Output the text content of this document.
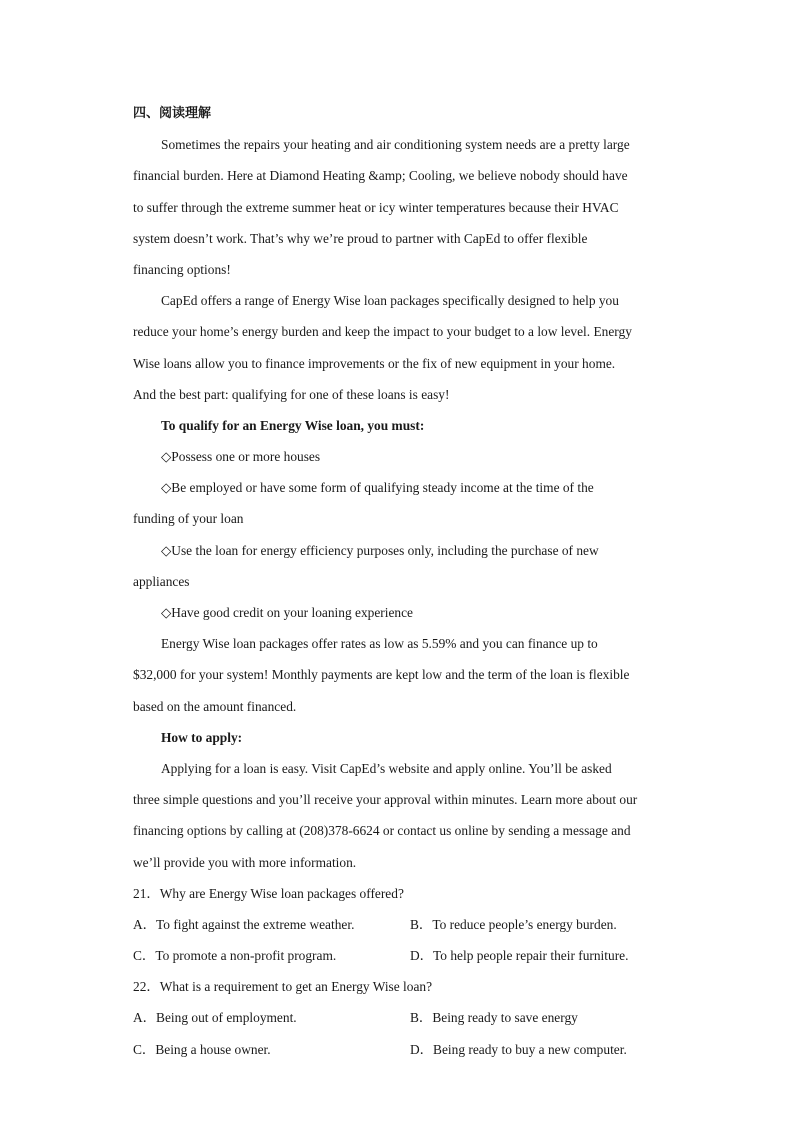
四、阅读理解
Sometimes the repairs your heating and air conditioning system needs are a pretty large
financial burden. Here at Diamond Heating &amp; Cooling, we believe nobody should have
to suffer through the extreme summer heat or icy winter temperatures because their HVAC
system doesn’t work. That’s why we’re proud to partner with CapEd to offer flexible
financing options!
CapEd offers a range of Energy Wise loan packages specifically designed to help you
reduce your home’s energy burden and keep the impact to your budget to a low level. Energy
Wise loans allow you to finance improvements or the fix of new equipment in your home.
And the best part: qualifying for one of these loans is easy!
To qualify for an Energy Wise loan, you must:
◇Possess one or more houses
◇Be employed or have some form of qualifying steady income at the time of the
funding of your loan
◇Use the loan for energy efficiency purposes only, including the purchase of new
appliances
◇Have good credit on your loaning experience
Energy Wise loan packages offer rates as low as 5.59% and you can finance up to
$32,000 for your system! Monthly payments are kept low and the term of the loan is flexible
based on the amount financed.
How to apply:
Applying for a loan is easy. Visit CapEd’s website and apply online. You’ll be asked
three simple questions and you’ll receive your approval within minutes. Learn more about our
financing options by calling at (208)378-6624 or contact us online by sending a message and
we’ll provide you with more information.
21．Why are Energy Wise loan packages offered?
A．To fight against the extreme weather.	B．To reduce people’s energy burden.
C．To promote a non-profit program.	D．To help people repair their furniture.
22．What is a requirement to get an Energy Wise loan?
A．Being out of employment.	B．Being ready to save energy
C．Being a house owner.	D．Being ready to buy a new computer.
